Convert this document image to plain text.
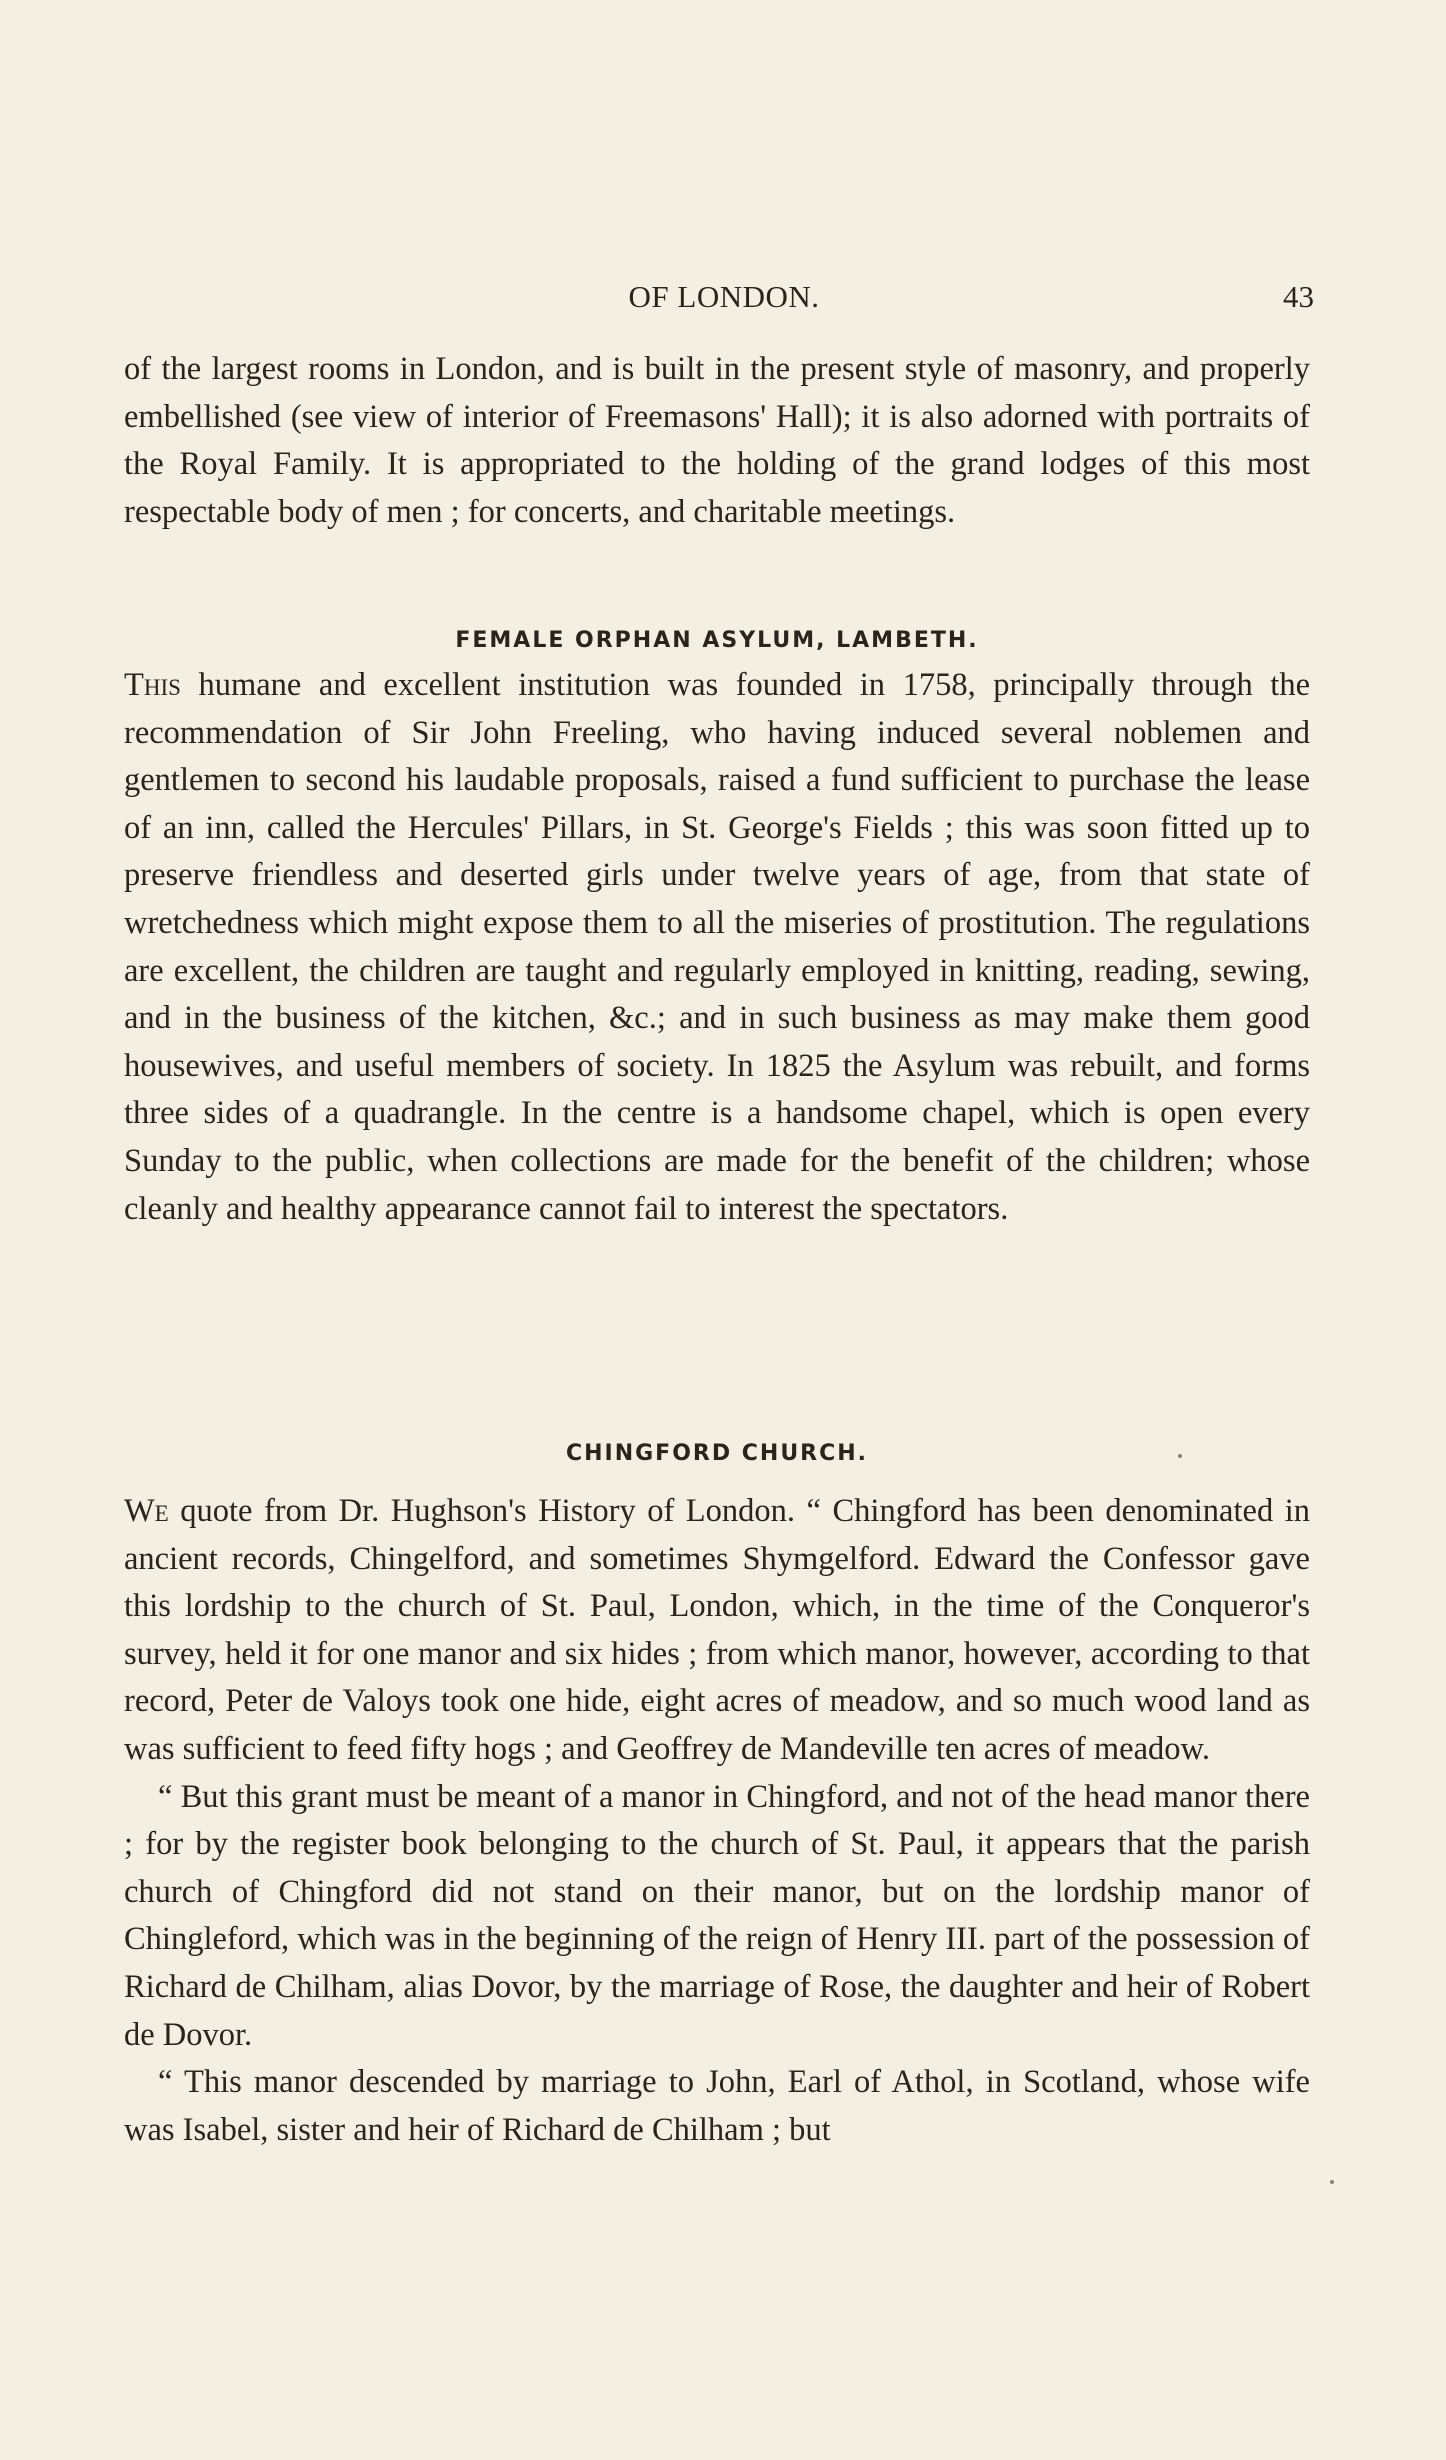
OF LONDON.	43

of the largest rooms in London, and is built in the present style of masonry, and properly embellished (see view of interior of Freemasons' Hall); it is also adorned with portraits of the Royal Family. It is appropriated to the holding of the grand lodges of this most respectable body of men ; for concerts, and charitable meetings.

FEMALE ORPHAN ASYLUM, LAMBETH.

This humane and excellent institution was founded in 1758, principally through the recommendation of Sir John Freeling, who having induced several noblemen and gentlemen to second his laudable proposals, raised a fund sufficient to purchase the lease of an inn, called the Hercules' Pillars, in St. George's Fields ; this was soon fitted up to preserve friendless and deserted girls under twelve years of age, from that state of wretchedness which might expose them to all the miseries of prostitution. The regulations are excellent, the children are taught and regularly employed in knitting, reading, sewing, and in the business of the kitchen, &c.; and in such business as may make them good housewives, and useful members of society. In 1825 the Asylum was rebuilt, and forms three sides of a quadrangle. In the centre is a handsome chapel, which is open every Sunday to the public, when collections are made for the benefit of the children; whose cleanly and healthy appearance cannot fail to interest the spectators.

CHINGFORD CHURCH.

We quote from Dr. Hughson's History of London. “ Chingford has been denominated in ancient records, Chingelford, and sometimes Shymgelford. Edward the Confessor gave this lordship to the church of St. Paul, London, which, in the time of the Conqueror's survey, held it for one manor and six hides ; from which manor, however, according to that record, Peter de Valoys took one hide, eight acres of meadow, and so much wood land as was sufficient to feed fifty hogs ; and Geoffrey de Mandeville ten acres of meadow.

“ But this grant must be meant of a manor in Chingford, and not of the head manor there ; for by the register book belonging to the church of St. Paul, it appears that the parish church of Chingford did not stand on their manor, but on the lordship manor of Chingleford, which was in the beginning of the reign of Henry III. part of the possession of Richard de Chilham, alias Dovor, by the marriage of Rose, the daughter and heir of Robert de Dovor.

“ This manor descended by marriage to John, Earl of Athol, in Scotland, whose wife was Isabel, sister and heir of Richard de Chilham ; but
